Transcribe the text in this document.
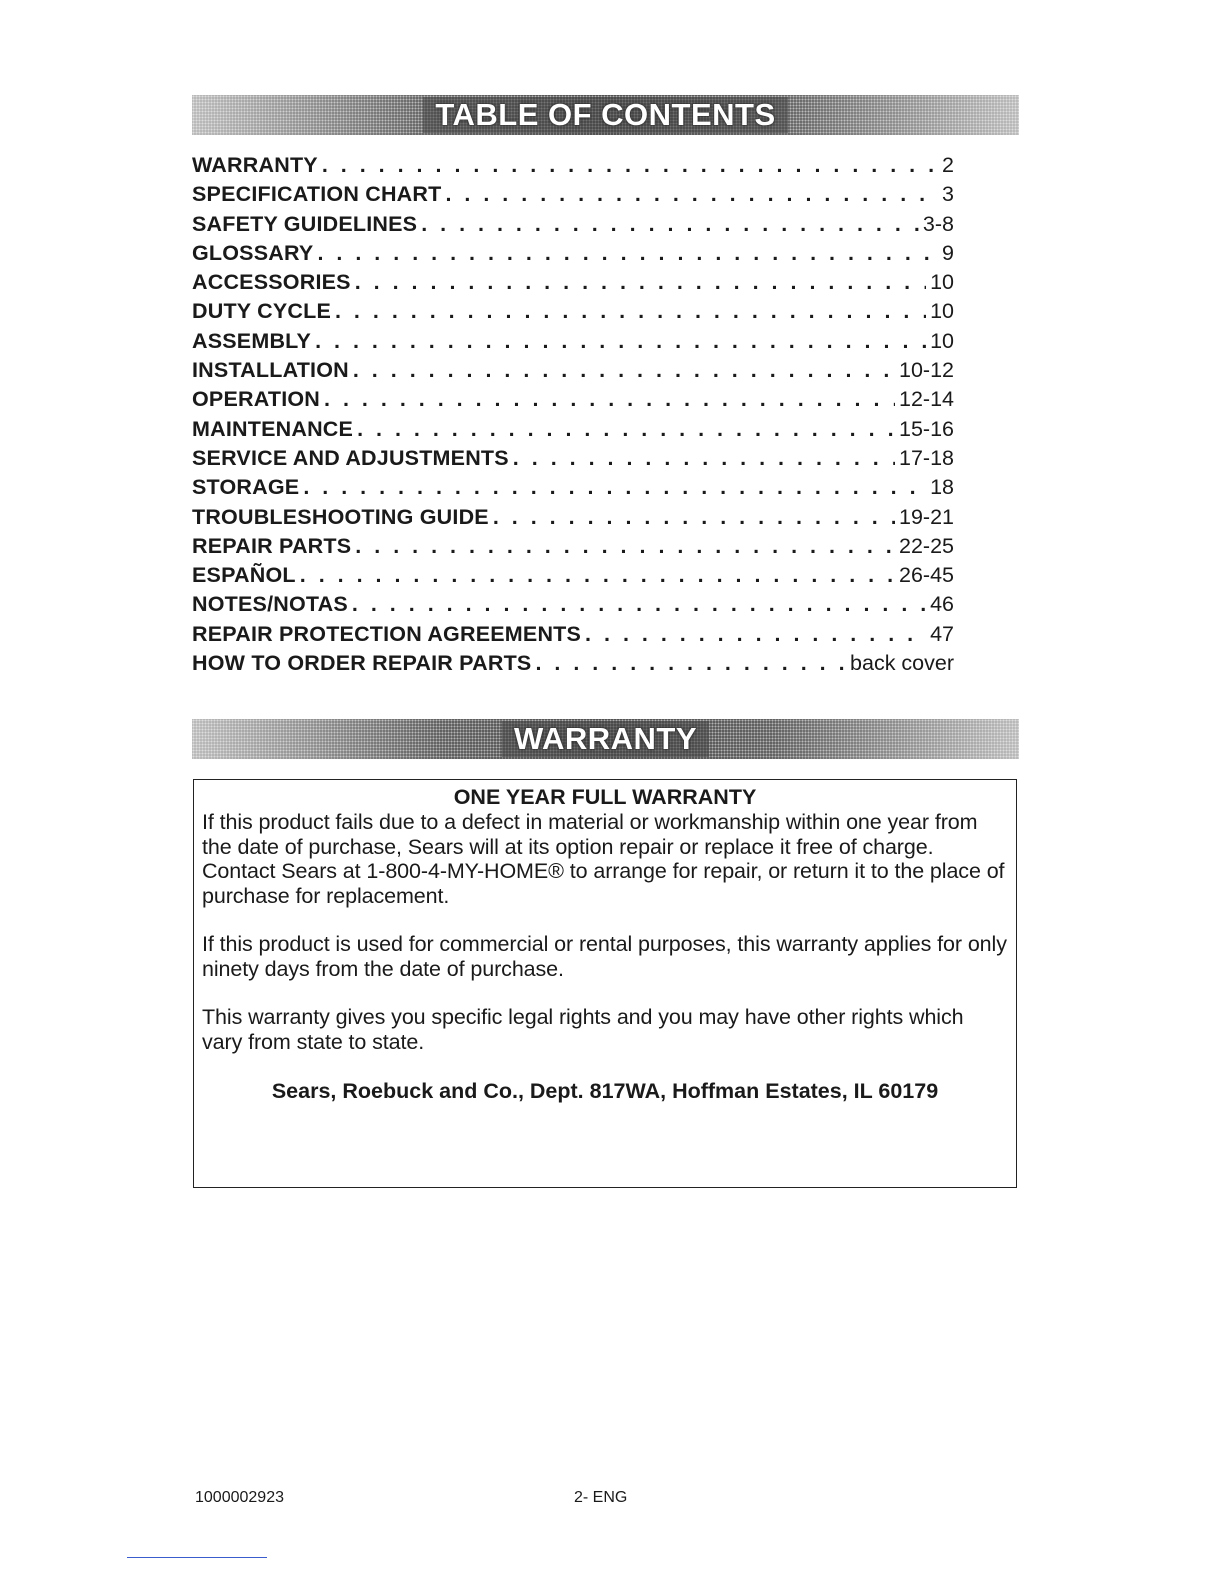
TABLE OF CONTENTS
WARRANTY . . .	2
SPECIFICATION CHART . . .	3
SAFETY GUIDELINES . . .	3-8
GLOSSARY . . .	9
ACCESSORIES . . .	10
DUTY CYCLE . . .	10
ASSEMBLY . . .	10
INSTALLATION . . .	10-12
OPERATION . . .	12-14
MAINTENANCE . . .	15-16
SERVICE AND ADJUSTMENTS . . .	17-18
STORAGE . . .	18
TROUBLESHOOTING GUIDE . . .	19-21
REPAIR PARTS . . .	22-25
ESPAÑOL . . .	26-45
NOTES/NOTAS . . .	46
REPAIR PROTECTION AGREEMENTS . . .	47
HOW TO ORDER REPAIR PARTS . . .	back cover
WARRANTY

ONE YEAR FULL WARRANTY

If this product fails due to a defect in material or workmanship within one year from the date of purchase, Sears will at its option repair or replace it free of charge. Contact Sears at 1-800-4-MY-HOME® to arrange for repair, or return it to the place of purchase for replacement.

If this product is used for commercial or rental purposes, this warranty applies for only ninety days from the date of purchase.

This warranty gives you specific legal rights and you may have other rights which vary from state to state.

Sears, Roebuck and Co., Dept. 817WA, Hoffman Estates, IL 60179

1000002923	2- ENG
